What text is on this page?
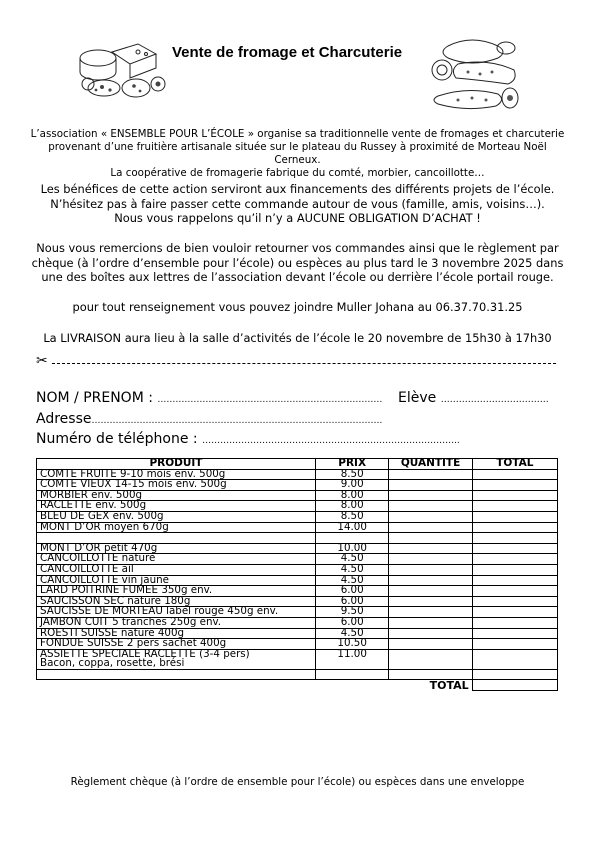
Vente de fromage et Charcuterie
L’association « ENSEMBLE POUR L’ÉCOLE » organise sa traditionnelle vente de fromages et charcuterie
provenant d’une fruitière artisanale située sur le plateau du Russey à proximité de Morteau Noël Cerneux.
La coopérative de fromagerie fabrique du comté, morbier, cancoillotte…
Les bénéfices de cette action serviront aux financements des différents projets de l’école.
N’hésitez pas à faire passer cette commande autour de vous (famille, amis, voisins…).
Nous vous rappelons qu’il n’y a AUCUNE OBLIGATION D’ACHAT !
Nous vous remercions de bien vouloir retourner vos commandes ainsi que le règlement par
chèque (à l’ordre d’ensemble pour l’école) ou espèces au plus tard le 3 novembre 2025 dans
une des boîtes aux lettres de l’association devant l’école ou derrière l’école portail rouge.
pour tout renseignement vous pouvez joindre Muller Johana au 06.37.70.31.25
La LIVRAISON aura lieu à la salle d’activités de l’école le 20 novembre de 15h30 à 17h30
✂
NOM / PRENOM : ………………………………………………………………… Elève ………………………………
Adresse…………………………………………………………………………………….
Numéro de téléphone : …………………………………………………………………………..
PRODUIT	PRIX	QUANTITE	TOTAL
COMTE FRUITE 9-10 mois env. 500g	8.50		
COMTE VIEUX 14-15 mois env. 500g	9.00		
MORBIER env. 500g	8.00		
RACLETTE env. 500g	8.00		
BLEU DE GEX env. 500g	8.50		
MONT D’OR moyen 670g	14.00		

MONT D’OR petit 470g	10.00		
CANCOILLOTTE nature	4.50		
CANCOILLOTTE ail	4.50		
CANCOILLOTTE vin jaune	4.50		
LARD POITRINE FUMEE 350g env.	6.00		
SAUCISSON SEC nature 180g	6.00		
SAUCISSE DE MORTEAU label rouge 450g env.	9.50		
JAMBON CUIT 5 tranches 250g env.	6.00		
ROESTI SUISSE nature 400g	4.50		
FONDUE SUISSE 2 pers sachet 400g	10.50		

ASSIETTE SPECIALE RACLETTE (3-4 pers)
Bacon, coppa, rosette, brési	11.00		

TOTAL			
Règlement chèque (à l’ordre de ensemble pour l’école) ou espèces dans une enveloppe
